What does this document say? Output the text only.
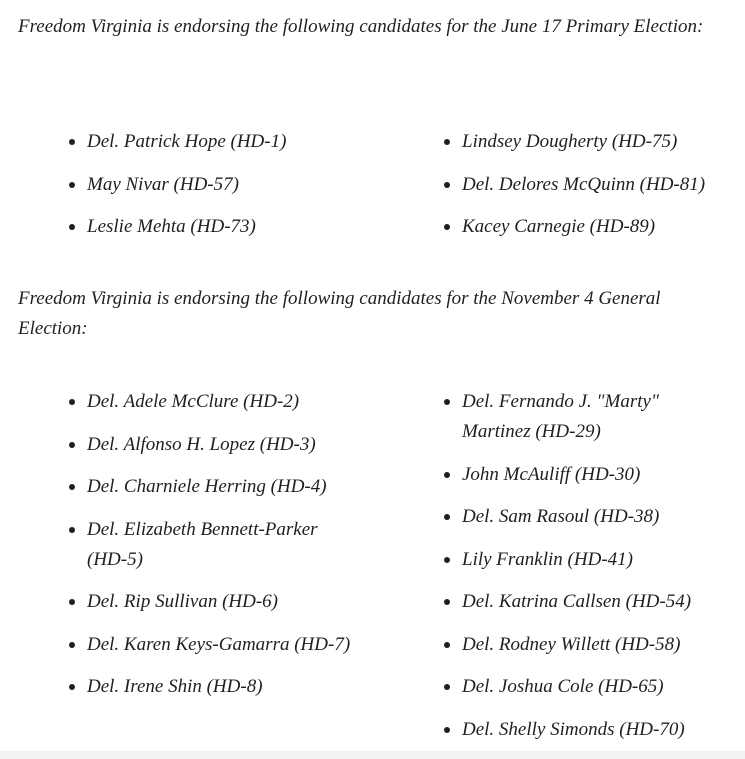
Freedom Virginia is endorsing the following candidates for the June 17 Primary Election:

Del. Patrick Hope (HD-1)
May Nivar (HD-57)
Leslie Mehta (HD-73)
Lindsey Dougherty (HD-75)
Del. Delores McQuinn (HD-81)
Kacey Carnegie (HD-89)

Freedom Virginia is endorsing the following candidates for the November 4 General Election:

Del. Adele McClure (HD-2)
Del. Alfonso H. Lopez (HD-3)
Del. Charniele Herring (HD-4)
Del. Elizabeth Bennett-Parker (HD-5)
Del. Rip Sullivan (HD-6)
Del. Karen Keys-Gamarra (HD-7)
Del. Irene Shin (HD-8)
Del. Fernando J. "Marty" Martinez (HD-29)
John McAuliff (HD-30)
Del. Sam Rasoul (HD-38)
Lily Franklin (HD-41)
Del. Katrina Callsen (HD-54)
Del. Rodney Willett (HD-58)
Del. Joshua Cole (HD-65)
Del. Shelly Simonds (HD-70)
